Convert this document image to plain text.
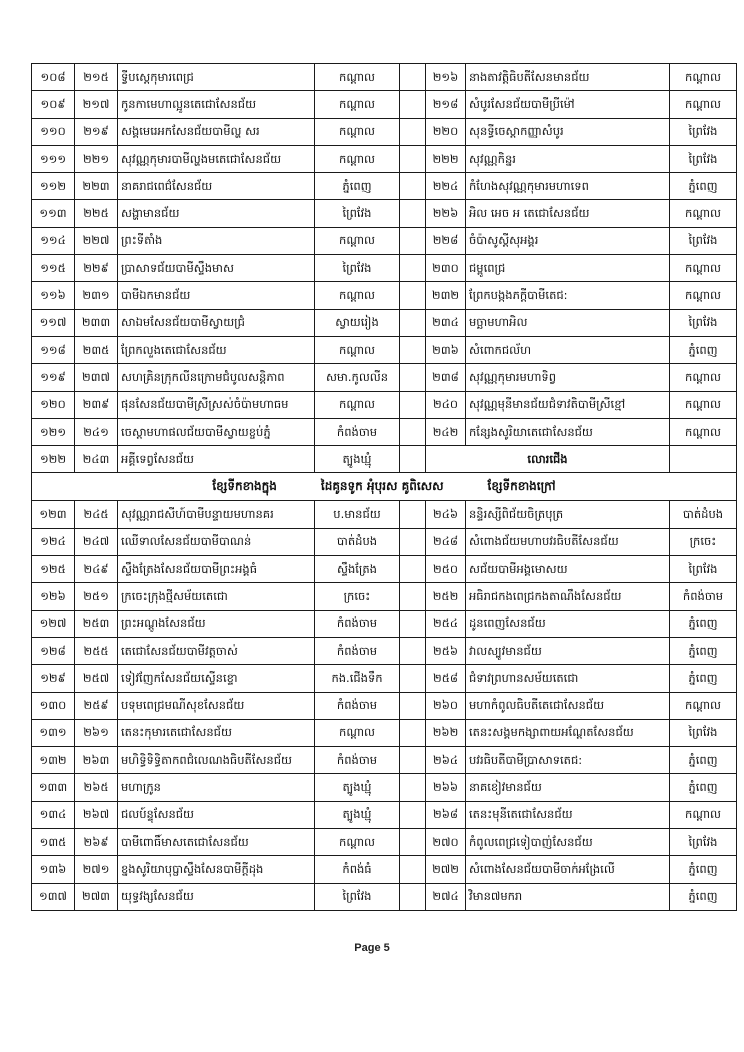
១០៨	២១៥	ទ្វីបស្ដេកុមារពេជ្រ	កណ្ដាល		២១៦	នាងតាវត្តិធិបតីសែនមានជ័យ	កណ្ដាល
១០៩	២១៧	កូនកាមេហាល្អូនតេជោសែនជ័យ	កណ្ដាល		២១៨	សំបូរសែនជ័យបាមីប្រីម៉ៅ	កណ្ដាល
១១០	២១៩	សង្គមេរេអកសែនជ័យបាមីល្ហ សរ	កណ្ដាល		២២០	សុនទ្ធីចេស្ដាកញ្ញាសំបូរ	ព្រៃវែង
១១១	២២១	សុវណ្ណកុមារបាមីល្ហងមតេជោសែនជ័យ	កណ្ដាល		២២២	សុវណ្ណកិន្នរ	ព្រៃវែង
១១២	២២៣	នាគរាជពេជ៌សែនជ័យ	ភ្នំពេញ		២២៤	កំហែងសុវណ្ណកុមារមហាទេព	ភ្នំពេញ
១១៣	២២៥	សង្ហាមានជ័យ	ព្រៃវែង		២២៦	អិល អេច អ តេជោសែនជ័យ	កណ្ដាល
១១៤	២២៧	ព្រះទីតាំង	កណ្ដាល		២២៨	ចំប៉ាសូស្ដីសុអង្គរ	ព្រៃវែង
១១៥	២២៩	ប្រាសាទជ័យបាមីស្ទឹងមាស	ព្រៃវែង		២៣០	ជម្ពូពេជ្រ	កណ្ដាល
១១៦	២៣១	បាមីឯកមានជ័យ	កណ្ដាល		២៣២	ព្រែកបង្កងភក្ដីបាមីតេជ:	កណ្ដាល
១១៧	២៣៣	សាឯមសែនជ័យបាមីស្វាយជ្រំ	ស្វាយរៀង		២៣៤	មច្ឆាមហាអិល	ព្រៃវែង
១១៨	២៣៥	ព្រែកលួងតេជោសែនជ័យ	កណ្ដាល		២៣៦	សំពោកជល័ហ	ភ្នំពេញ
១១៩	២៣៧	សហគ្រិនក្រុកលីនក្រោមជំបូលសន្តិភាព	សមា.កូលលីន		២៣៨	សុវណ្ណកុមារមហាទិព្វ	កណ្ដាល
១២០	២៣៩	ផុនសែនជ័យបាមីស្រីស្រស់ចំប៉ាមហាធម	កណ្ដាល		២៤០	សុវណ្ណមុនីមានជ័យជំទាវតិបាមីស្រីខ្មៅ	កណ្ដាល
១២១	២៤១	ចេស្ដាមហាផលជ័យបាមីស្វាយខ្ចប់ភ្នំ	កំពង់ចាម		២៤២	កន្សែងសូរិយាតេជោសែនជ័យ	កណ្ដាល
១២២	២៤៣	អគ្គីទេព្វសែនជ័យ	ត្បូងឃ្មុំ		លោរជើង		
ខ្សែទីកខាងក្នុង ដៃគូនទូក អុំបុរស គូពិសេស ខ្សែទីកខាងក្រៅ							
១២៣	២៤៥	សុវណ្ណរាជសីហ៍បាមីបន្ទាយមហានគរ	ប.មានជ័យ		២៤៦	នន្ទិរស្សីពិជ័យចិត្របុត្រ	បាត់ដំបង
១២៤	២៤៧	ឈើទាលសែនជ័យបាមីបាណន់	បាត់ដំបង		២៤៨	សំពោងជ័យមហាបវរធិបតីសែនជ័យ	ក្រចេះ
១២៥	២៤៩	ស្ទឹងត្រែងសែនជ័យបាមីព្រះអង្គធំ	ស្ទឹងត្រែង		២៥០	សជ័យបាមីអង្គមោសយ	ព្រៃវែង
១២៦	២៥១	ក្រចេះក្រុងថ្មីសម័យតេជោ	ក្រចេះ		២៥២	អធិរាជកងពេជ្រកងតាណឹងសែនជ័យ	កំពង់ចាម
១២៧	២៥៣	ព្រះអណ្ដូងសែនជ័យ	កំពង់ចាម		២៥៤	ដូនពេញសែនជ័យ	ភ្នំពេញ
១២៨	២៥៥	តេជោសែនជ័យបាមីវត្តចាស់	កំពង់ចាម		២៥៦	វាលស្បូវមានជ័យ	ភ្នំពេញ
១២៩	២៥៧	ទៀវញែកសែនជ័យស្ទើនខ្ទោ	កង.ជើងទឹក		២៥៨	ជំទាវព្រហានសម័យតេជោ	ភ្នំពេញ
១៣០	២៥៩	បទុមពេជ្រមណីសុខសែនជ័យ	កំពង់ចាម		២៦០	មហាកំពូលធិបតីតេជោសែនជ័យ	កណ្ដាល
១៣១	២៦១	តេនះកុមារតេជោសែនជ័យ	កណ្ដាល		២៦២	តេនះសង្គមកង្សាពាយអណ្ដែតសែនជ័យ	ព្រៃវែង
១៣២	២៦៣	មហិទ្ធិទិទ្ធិតាកពជំលេណងធិបតីសែនជ័យ	កំពង់ចាម		២៦៤	បវរធិបតីបាមីប្រាសាទតេជ:	ភ្នំពេញ
១៣៣	២៦៥	មហាក្រូន	ត្បូងឃ្មុំ		២៦៦	នាគខៀវមានជ័យ	ភ្នំពេញ
១៣៤	២៦៧	ជលប៍ន្ទុសែនជ័យ	ត្បូងឃ្មុំ		២៦៨	តេនះមុនីតេជោសែនជ័យ	កណ្ដាល
១៣៥	២៦៩	បាមីពោធិ៍មាសតេជោសែនជ័យ	កណ្ដាល		២៧០	កំពូលពេជ្រទៀបាញ់សែនជ័យ	ព្រៃវែង
១៣៦	២៧១	ខ្នងសូរិយាបុប្ផាស្ទឹងសែនបាមីក្ដីដុង	កំពង់ធំ		២៧២	សំពោងសែនជ័យបាមីចាក់អង្រែលើ	ភ្នំពេញ
១៣៧	២៧៣	យុទ្ធវង្សសែនជ័យ	ព្រៃវែង		២៧៤	វិមាន៧មករា	ភ្នំពេញ
Page 5
